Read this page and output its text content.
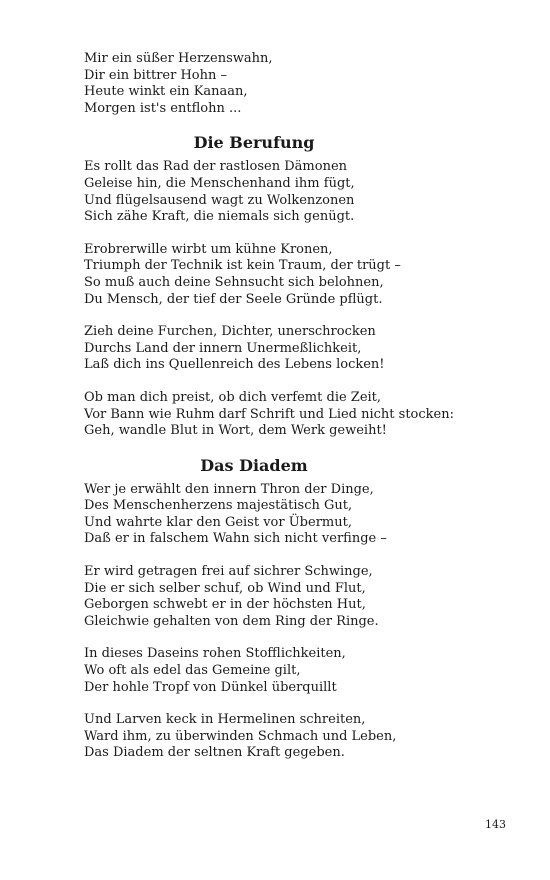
Mir ein süßer Herzenswahn,
Dir ein bittrer Hohn –
Heute winkt ein Kanaan,
Morgen ist's entflohn ...
Die Berufung
Es rollt das Rad der rastlosen Dämonen
Geleise hin, die Menschenhand ihm fügt,
Und flügelsausend wagt zu Wolkenzonen
Sich zähe Kraft, die niemals sich genügt.
Erobrerwille wirbt um kühne Kronen,
Triumph der Technik ist kein Traum, der trügt –
So muß auch deine Sehnsucht sich belohnen,
Du Mensch, der tief der Seele Gründe pflügt.
Zieh deine Furchen, Dichter, unerschrocken
Durchs Land der innern Unermeßlichkeit,
Laß dich ins Quellenreich des Lebens locken!
Ob man dich preist, ob dich verfemt die Zeit,
Vor Bann wie Ruhm darf Schrift und Lied nicht stocken:
Geh, wandle Blut in Wort, dem Werk geweiht!
Das Diadem
Wer je erwählt den innern Thron der Dinge,
Des Menschenherzens majestätisch Gut,
Und wahrte klar den Geist vor Übermut,
Daß er in falschem Wahn sich nicht verfinge –
Er wird getragen frei auf sichrer Schwinge,
Die er sich selber schuf, ob Wind und Flut,
Geborgen schwebt er in der höchsten Hut,
Gleichwie gehalten von dem Ring der Ringe.
In dieses Daseins rohen Stofflichkeiten,
Wo oft als edel das Gemeine gilt,
Der hohle Tropf von Dünkel überquillt
Und Larven keck in Hermelinen schreiten,
Ward ihm, zu überwinden Schmach und Leben,
Das Diadem der seltnen Kraft gegeben.
143
